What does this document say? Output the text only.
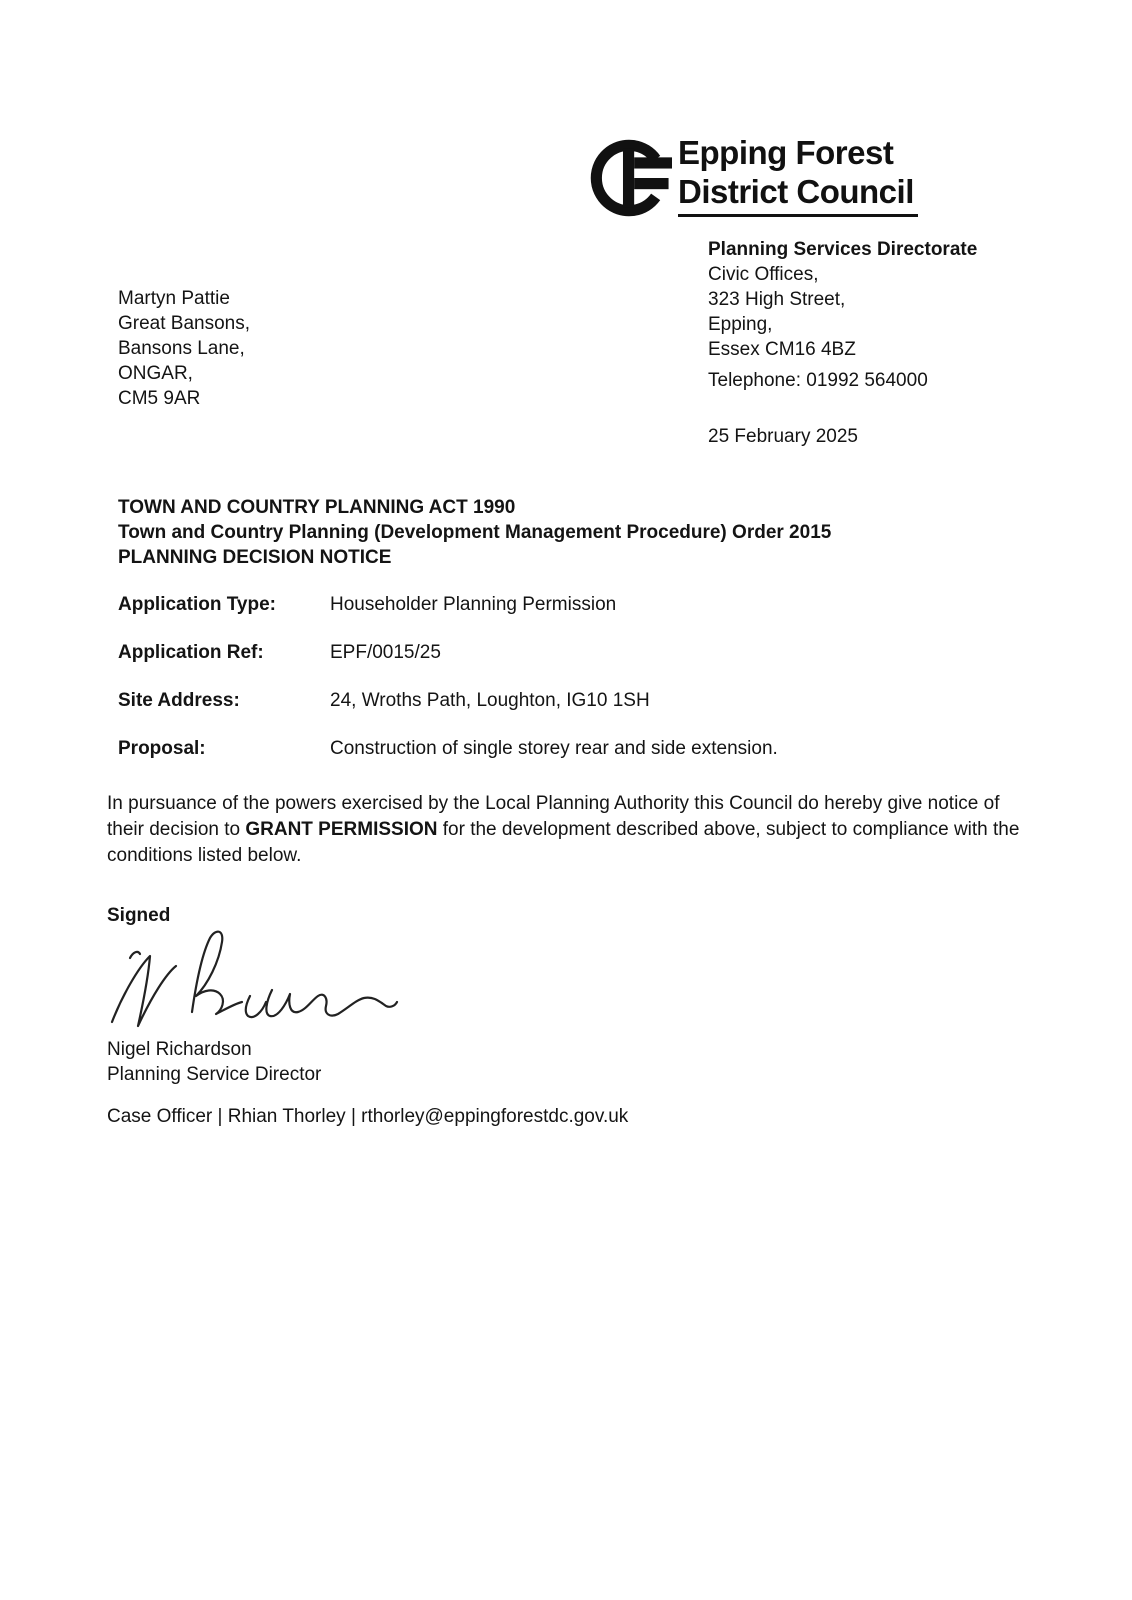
Epping Forest
District Council
Planning Services Directorate
Civic Offices,
323 High Street,
Epping,
Essex CM16 4BZ
Telephone: 01992 564000
25 February 2025
Martyn Pattie
Great Bansons,
Bansons Lane,
ONGAR,
CM5 9AR
TOWN AND COUNTRY PLANNING ACT 1990
Town and Country Planning (Development Management Procedure) Order 2015
PLANNING DECISION NOTICE
Application Type:	Householder Planning Permission
Application Ref:	EPF/0015/25
Site Address:	24, Wroths Path, Loughton, IG10 1SH
Proposal:	Construction of single storey rear and side extension.

In pursuance of the powers exercised by the Local Planning Authority this Council do hereby give notice of their decision to GRANT PERMISSION for the development described above, subject to compliance with the conditions listed below.

Signed
Nigel Richardson
Planning Service Director
Case Officer | Rhian Thorley | rthorley@eppingforestdc.gov.uk
